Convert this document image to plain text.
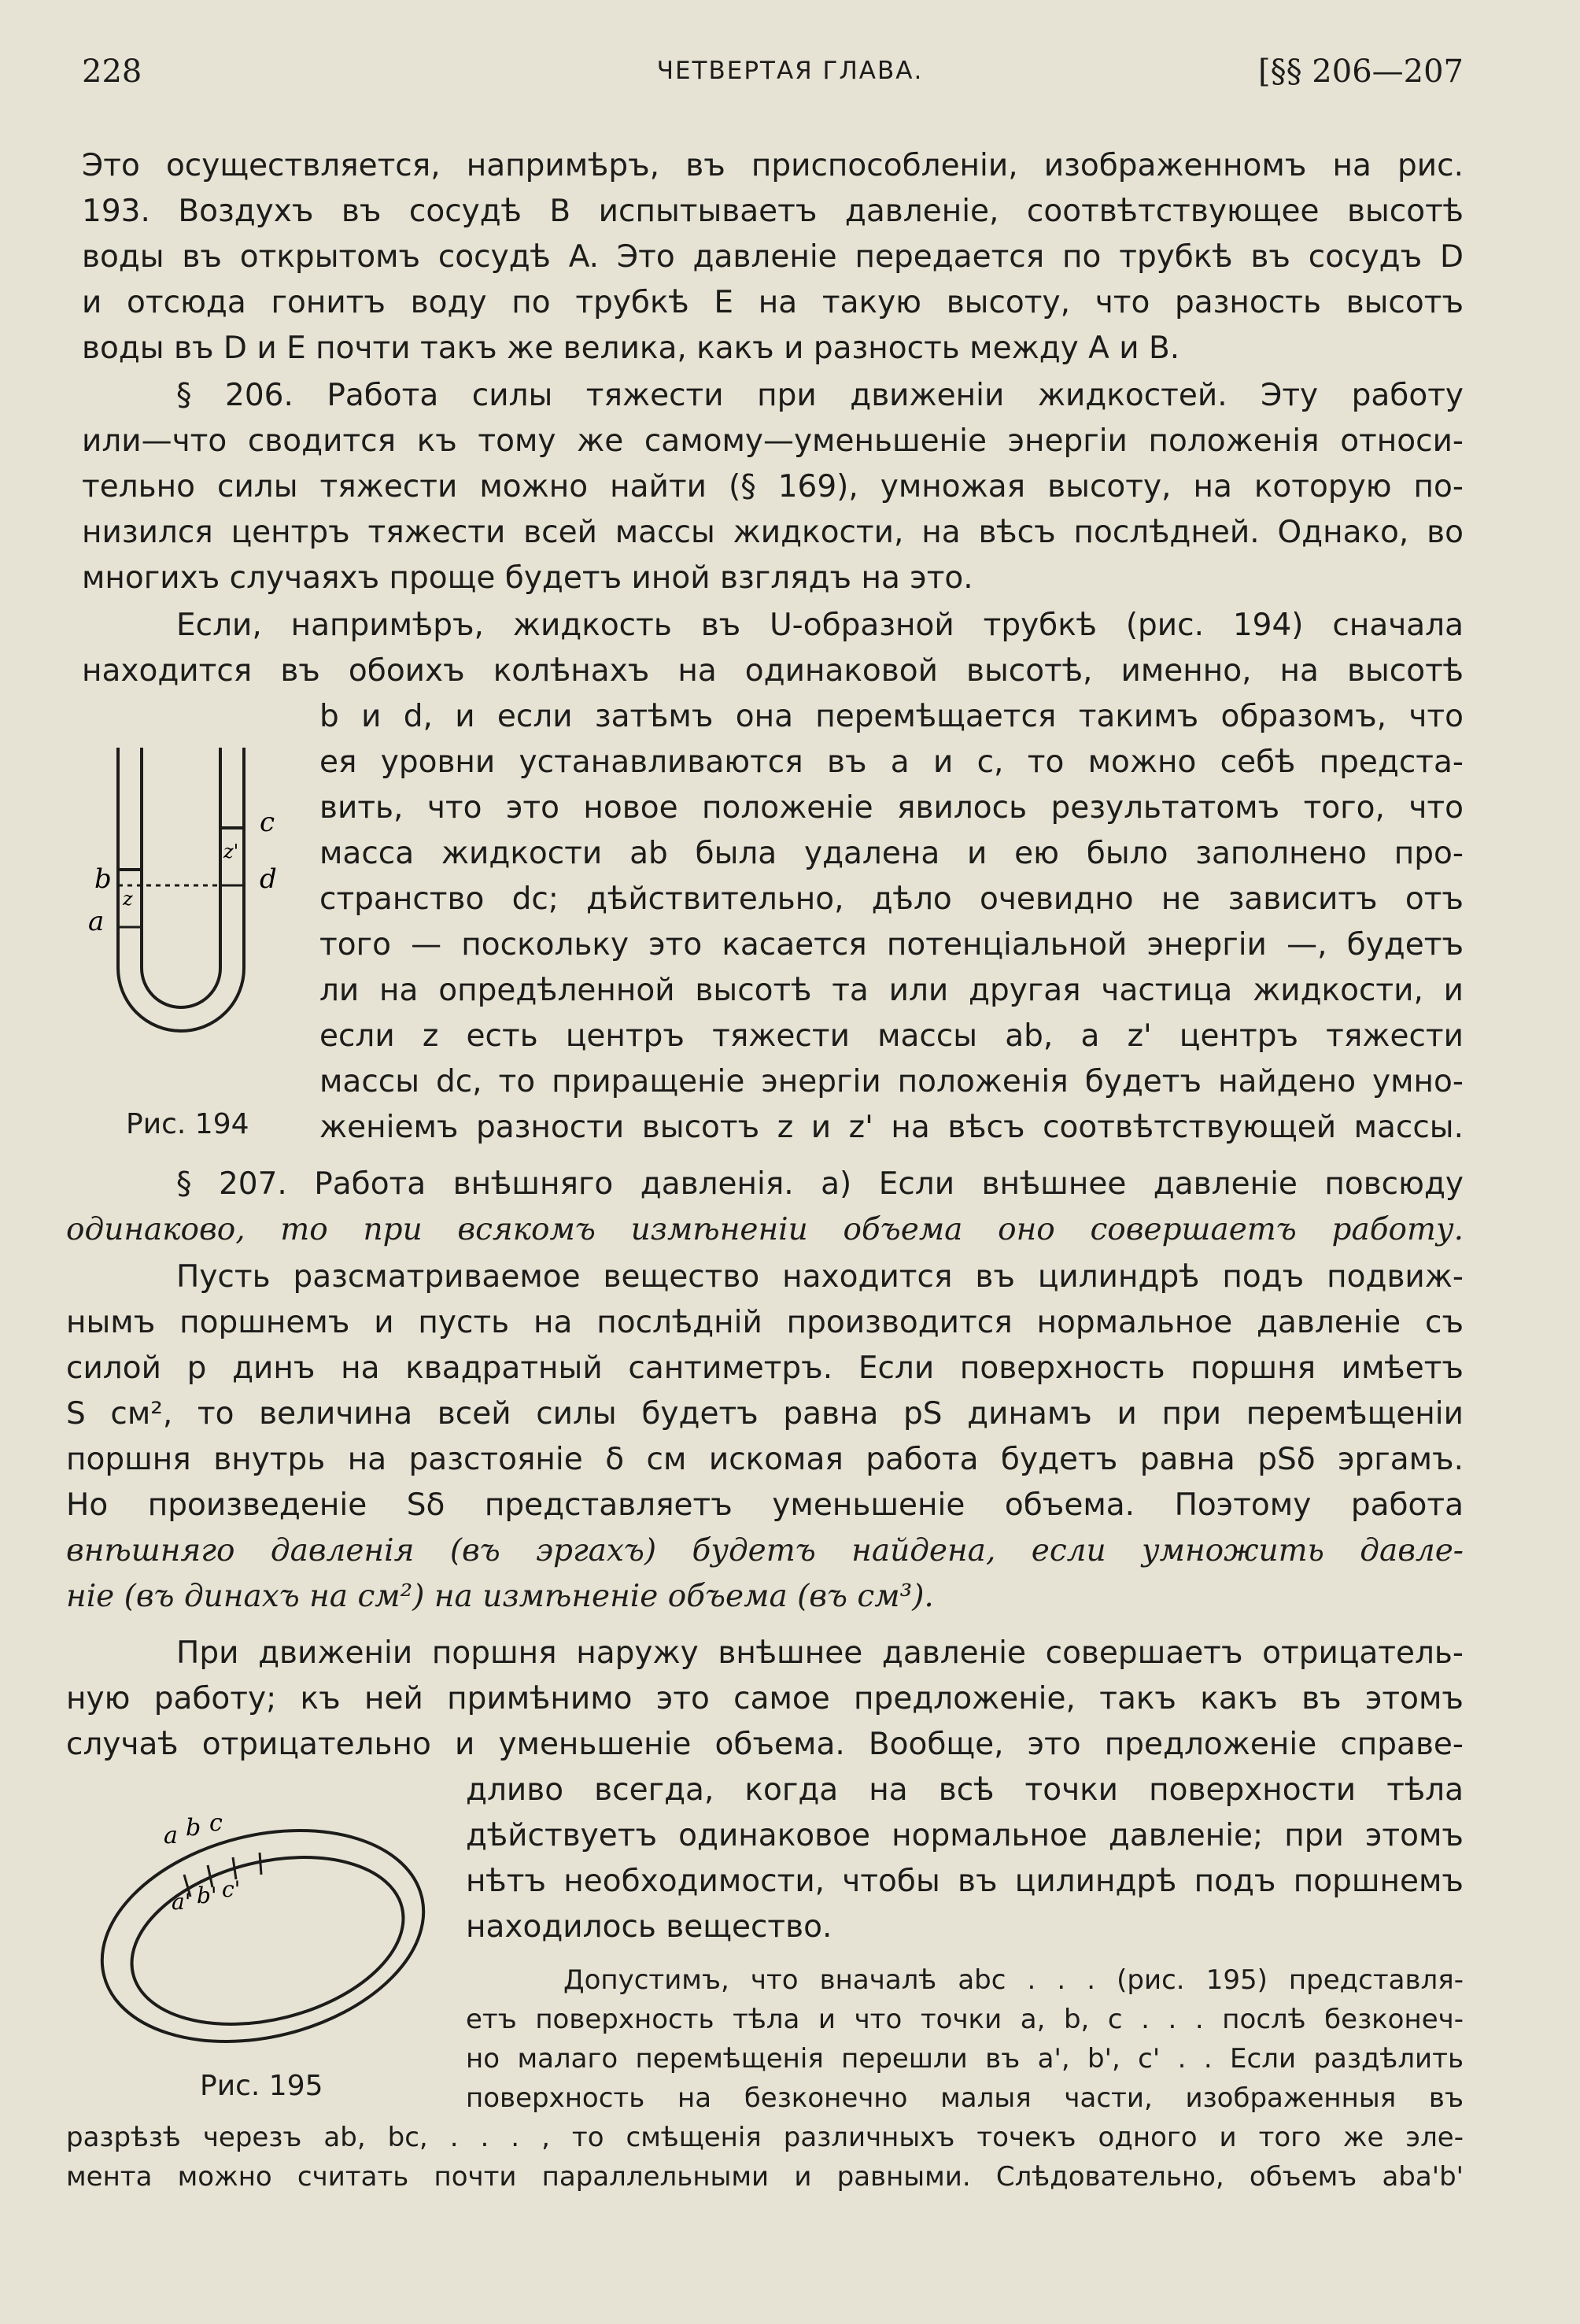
228	ЧЕТВЕРТАЯ ГЛАВА.	[§§ 206—207
Это осуществляется, напримѣръ, въ приспособленіи, изображенномъ на рис.
193. Воздухъ въ сосудѣ B испытываетъ давленіе, соотвѣтствующее высотѣ
воды въ открытомъ сосудѣ A. Это давленіе передается по трубкѣ въ сосудъ D
и отсюда гонитъ воду по трубкѣ E на такую высоту, что разность высотъ
воды въ D и E почти такъ же велика, какъ и разность между A и B.
§ 206. Работа силы тяжести при движеніи жидкостей. Эту работу
или—что сводится къ тому же самому—уменьшеніе энергіи положенія относи-
тельно силы тяжести можно найти (§ 169), умножая высоту, на которую по-
низился центръ тяжести всей массы жидкости, на вѣсъ послѣдней. Однако, во
многихъ случаяхъ проще будетъ иной взглядъ на это.
Если, напримѣръ, жидкость въ U-образной трубкѣ (рис. 194) сначала
находится въ обоихъ колѣнахъ на одинаковой высотѣ, именно, на высотѣ
b и d, и если затѣмъ она перемѣщается такимъ образомъ, что
ея уровни устанавливаются въ a и c, то можно себѣ предста-
вить, что это новое положеніе явилось результатомъ того, что
масса жидкости ab была удалена и ею было заполнено про-
странство dc; дѣйствительно, дѣло очевидно не зависитъ отъ
того — поскольку это касается потенціальной энергіи —, будетъ
ли на опредѣленной высотѣ та или другая частица жидкости, и
если z есть центръ тяжести массы ab, а z' центръ тяжести
массы dc, то приращеніе энергіи положенія будетъ найдено умно-
женіемъ разности высотъ z и z' на вѣсъ соотвѣтствующей массы.
§ 207. Работа внѣшняго давленія. а) Если внѣшнее давленіе повсюду
одинаково, то при всякомъ измѣненіи объема оно совершаетъ работу.
Пусть разсматриваемое вещество находится въ цилиндрѣ подъ подвиж-
нымъ поршнемъ и пусть на послѣдній производится нормальное давленіе съ
силой p динъ на квадратный сантиметръ. Если поверхность поршня имѣетъ
S см², то величина всей силы будетъ равна pS динамъ и при перемѣщеніи
поршня внутрь на разстояніе δ см искомая работа будетъ равна pSδ эргамъ.
Но произведеніе Sδ представляетъ уменьшеніе объема. Поэтому работа
внѣшняго давленія (въ эргахъ) будетъ найдена, если умножить давле-
ніе (въ динахъ на см²) на измѣненіе объема (въ см³).
При движеніи поршня наружу внѣшнее давленіе совершаетъ отрицатель-
ную работу; къ ней примѣнимо это самое предложеніе, такъ какъ въ этомъ
случаѣ отрицательно и уменьшеніе объема. Вообще, это предложеніе справе-
дливо всегда, когда на всѣ точки поверхности тѣла
дѣйствуетъ одинаковое нормальное давленіе; при этомъ
нѣтъ необходимости, чтобы въ цилиндрѣ подъ поршнемъ
находилось вещество.
Допустимъ, что вначалѣ abc . . . (рис. 195) представля-
етъ поверхность тѣла и что точки a, b, c . . . послѣ безконеч-
но малаго перемѣщенія перешли въ a', b', c' . . Если раздѣлить
поверхность на безконечно малыя части, изображенныя въ
разрѣзѣ черезъ ab, bc, . . . , то смѣщенія различныхъ точекъ одного и того же эле-
мента можно считать почти параллельными и равными. Слѣдовательно, объемъ aba'b'
b
a
c
d
z
z'
Рис. 194
a b c
a' b' c'
Рис. 195
